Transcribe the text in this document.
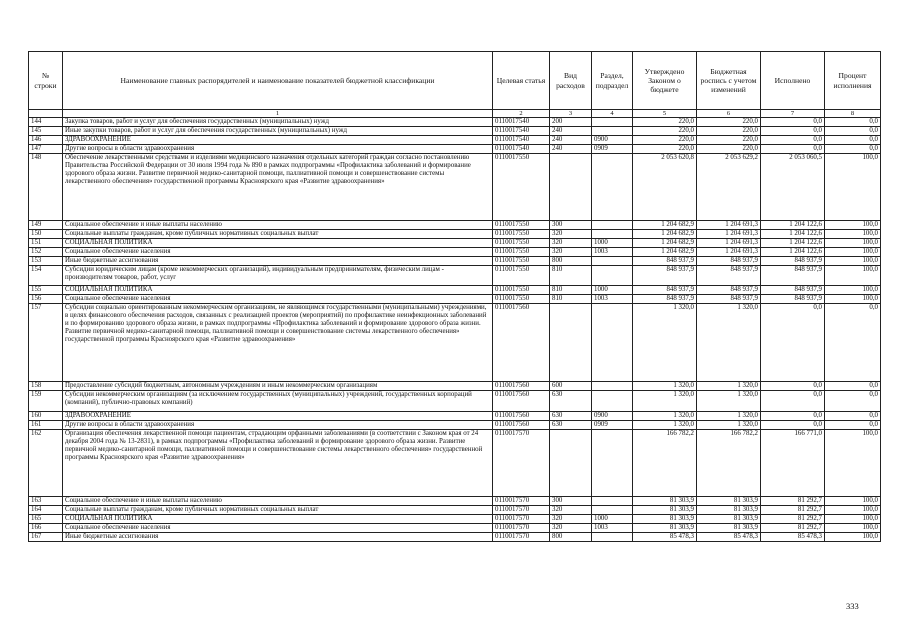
№ строки	Наименование главных распорядителей и наименование показателей бюджетной классификации	Целевая статья	Вид расходов	Раздел, подраздел	Утверждено Законом о бюджете	Бюджетная роспись с учетом изменений	Исполнено	Процент исполнения
	1	2	3	4	5	6	7	8
144	Закупка товаров, работ и услуг для обеспечения государственных (муниципальных) нужд	0110017540	200		220,0	220,0	0,0	0,0
145	Иные закупки товаров, работ и услуг для обеспечения государственных (муниципальных) нужд	0110017540	240		220,0	220,0	0,0	0,0
146	ЗДРАВООХРАНЕНИЕ	0110017540	240	0900	220,0	220,0	0,0	0,0
147	Другие вопросы в области здравоохранения	0110017540	240	0909	220,0	220,0	0,0	0,0
148	Обеспечение лекарственными средствами и изделиями медицинского назначения отдельных категорий граждан согласно постановлению Правительства Российской Федерации от 30 июля 1994 года № 890 в рамках подпрограммы «Профилактика заболеваний и формирование здорового образа жизни. Развитие первичной медико-санитарной помощи, паллиативной помощи и совершенствование системы лекарственного обеспечения» государственной программы Красноярского края «Развитие здравоохранения»	0110017550			2 053 620,8	2 053 629,2	2 053 060,5	100,0
149	Социальное обеспечение и иные выплаты населению	0110017550	300		1 204 682,9	1 204 691,3	1 204 122,6	100,0
150	Социальные выплаты гражданам, кроме публичных нормативных социальных выплат	0110017550	320		1 204 682,9	1 204 691,3	1 204 122,6	100,0
151	СОЦИАЛЬНАЯ ПОЛИТИКА	0110017550	320	1000	1 204 682,9	1 204 691,3	1 204 122,6	100,0
152	Социальное обеспечение населения	0110017550	320	1003	1 204 682,9	1 204 691,3	1 204 122,6	100,0
153	Иные бюджетные ассигнования	0110017550	800		848 937,9	848 937,9	848 937,9	100,0
154	Субсидии юридическим лицам (кроме некоммерческих организаций), индивидуальным предпринимателям, физическим лицам - производителям товаров, работ, услуг	0110017550	810		848 937,9	848 937,9	848 937,9	100,0
155	СОЦИАЛЬНАЯ ПОЛИТИКА	0110017550	810	1000	848 937,9	848 937,9	848 937,9	100,0
156	Социальное обеспечение населения	0110017550	810	1003	848 937,9	848 937,9	848 937,9	100,0
157	Субсидии социально ориентированным некоммерческим организациям, не являющимся государственными (муниципальными) учреждениями, в целях финансового обеспечения расходов, связанных с реализацией проектов (мероприятий) по профилактике неинфекционных заболеваний и по формированию здорового образа жизни, в рамках подпрограммы «Профилактика заболеваний и формирование здорового образа жизни. Развитие первичной медико-санитарной помощи, паллиативной помощи и совершенствование системы лекарственного обеспечения» государственной программы Красноярского края «Развитие здравоохранения»	0110017560			1 320,0	1 320,0	0,0	0,0
158	Предоставление субсидий бюджетным, автономным учреждениям и иным некоммерческим организациям	0110017560	600		1 320,0	1 320,0	0,0	0,0
159	Субсидии некоммерческим организациям (за исключением государственных (муниципальных) учреждений, государственных корпораций (компаний), публично-правовых компаний)	0110017560	630		1 320,0	1 320,0	0,0	0,0
160	ЗДРАВООХРАНЕНИЕ	0110017560	630	0900	1 320,0	1 320,0	0,0	0,0
161	Другие вопросы в области здравоохранения	0110017560	630	0909	1 320,0	1 320,0	0,0	0,0
162	Организация обеспечения лекарственной помощи пациентам, страдающим орфанными заболеваниями (в соответствии с Законом края от 24 декабря 2004 года № 13-2831), в рамках подпрограммы «Профилактика заболеваний и формирование здорового образа жизни. Развитие первичной медико-санитарной помощи, паллиативной помощи и совершенствование системы лекарственного обеспечения» государственной программы Красноярского края «Развитие здравоохранения»	0110017570			166 782,2	166 782,2	166 771,0	100,0
163	Социальное обеспечение и иные выплаты населению	0110017570	300		81 303,9	81 303,9	81 292,7	100,0
164	Социальные выплаты гражданам, кроме публичных нормативных социальных выплат	0110017570	320		81 303,9	81 303,9	81 292,7	100,0
165	СОЦИАЛЬНАЯ ПОЛИТИКА	0110017570	320	1000	81 303,9	81 303,9	81 292,7	100,0
166	Социальное обеспечение населения	0110017570	320	1003	81 303,9	81 303,9	81 292,7	100,0
167	Иные бюджетные ассигнования	0110017570	800		85 478,3	85 478,3	85 478,3	100,0
333
